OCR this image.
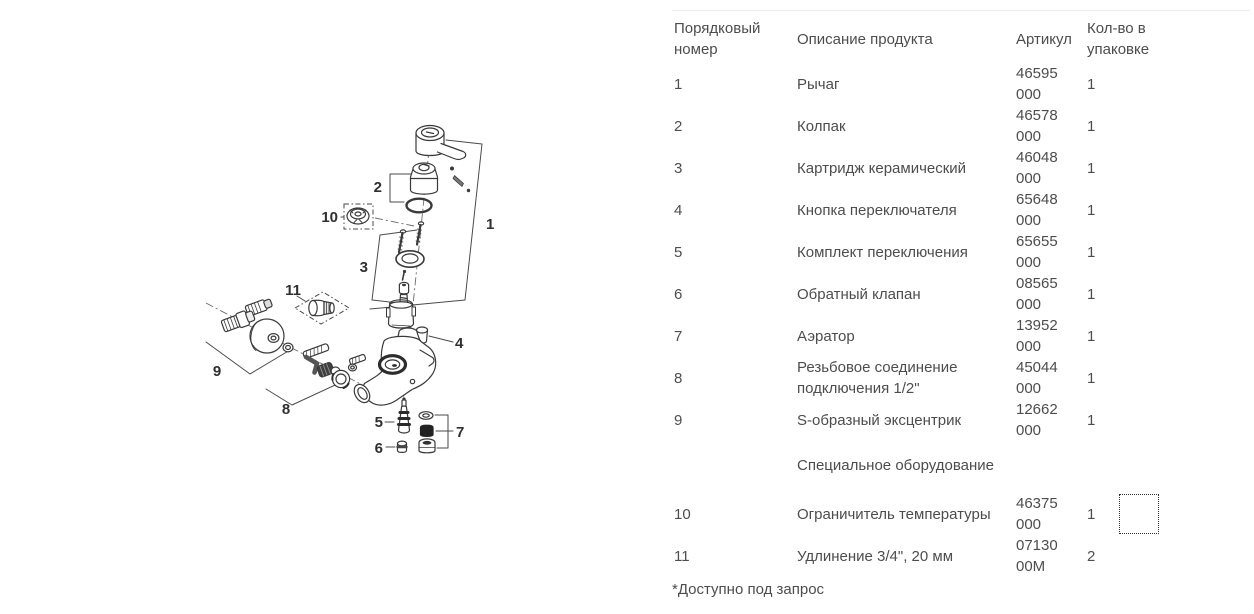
1
2
3
4
5
6
7
8
9
10
11
Порядковый номер	Описание продукта	Артикул	Кол-во в упаковке
1	Рычаг	46595 000	1
2	Колпак	46578 000	1
3	Картридж керамический	46048 000	1
4	Кнопка переключателя	65648 000	1
5	Комплект переключения	65655 000	1
6	Обратный клапан	08565 000	1
7	Аэратор	13952 000	1
8	Резьбовое соединение подключения 1/2"	45044 000	1
9	S-образный эксцентрик	12662 000	1
	Специальное оборудование		

10	Ограничитель температуры	46375 000	1

11	Удлинение 3/4", 20 мм	07130 00M	2
*Доступно под запрос
